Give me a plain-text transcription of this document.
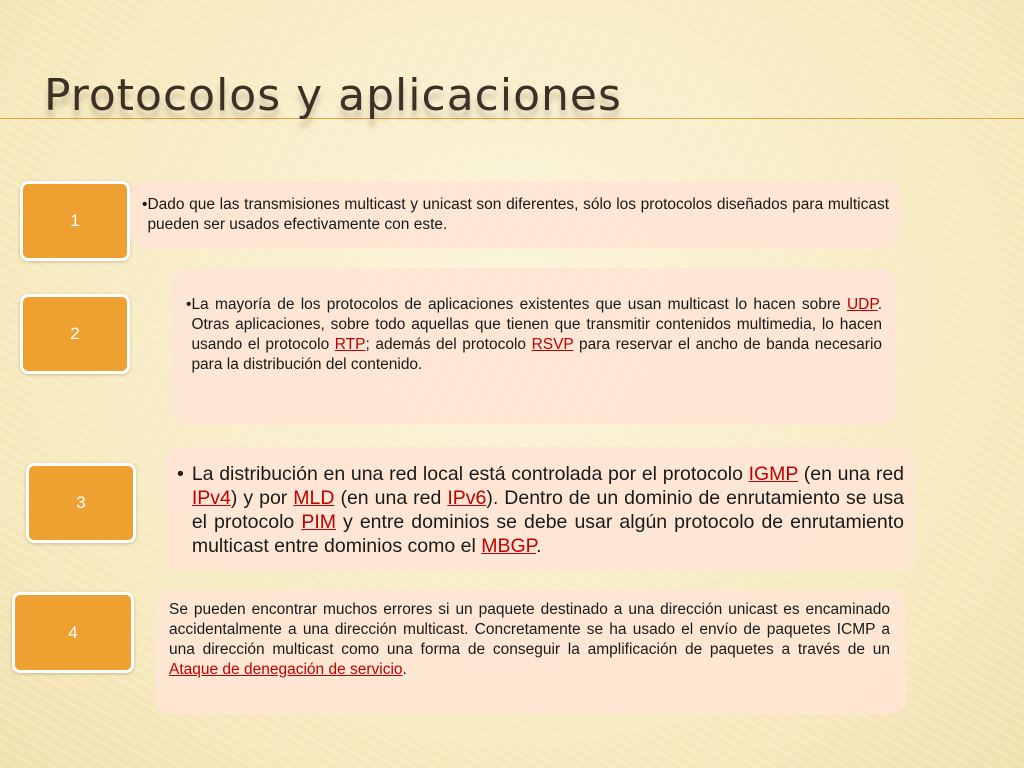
Protocolos y aplicaciones
1
• Dado que las transmisiones multicast y unicast son diferentes, sólo los protocolos diseñados para multicast pueden ser usados efectivamente con este.
2
• La mayoría de los protocolos de aplicaciones existentes que usan multicast lo hacen sobre UDP. Otras aplicaciones, sobre todo aquellas que tienen que transmitir contenidos multimedia, lo hacen usando el protocolo RTP; además del protocolo RSVP para reservar el ancho de banda necesario para la distribución del contenido.
3
• La distribución en una red local está controlada por el protocolo IGMP (en una red IPv4) y por MLD (en una red IPv6). Dentro de un dominio de enrutamiento se usa el protocolo PIM y entre dominios se debe usar algún protocolo de enrutamiento multicast entre dominios como el MBGP.
4
Se pueden encontrar muchos errores si un paquete destinado a una dirección unicast es encaminado accidentalmente a una dirección multicast. Concretamente se ha usado el envío de paquetes ICMP a una dirección multicast como una forma de conseguir la amplificación de paquetes a través de un Ataque de denegación de servicio.
